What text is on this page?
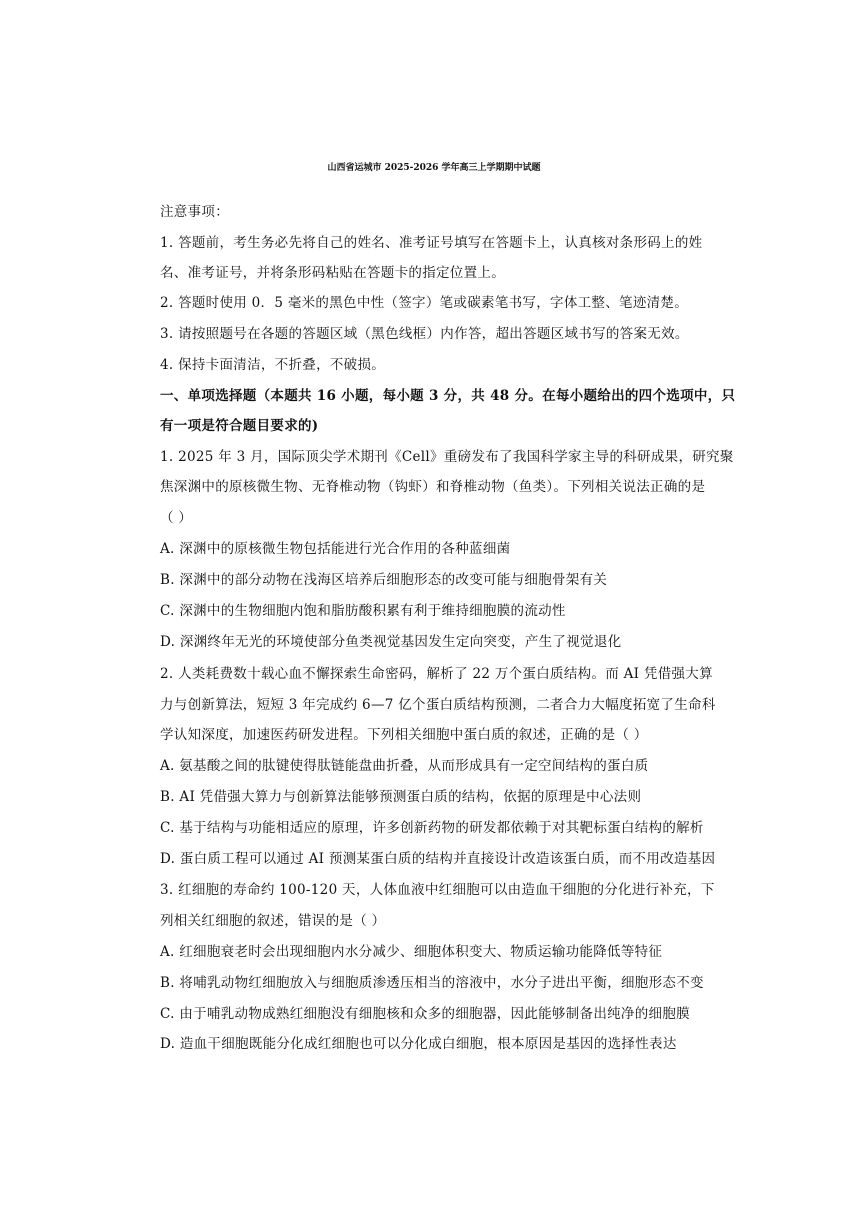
山西省运城市 2025-2026 学年高三上学期期中试题
注意事项：
1. 答题前，考生务必先将自己的姓名、准考证号填写在答题卡上，认真核对条形码上的姓
名、准考证号，并将条形码粘贴在答题卡的指定位置上。
2. 答题时使用 0．5 毫米的黑色中性（签字）笔或碳素笔书写，字体工整、笔迹清楚。
3. 请按照题号在各题的答题区域（黑色线框）内作答，超出答题区域书写的答案无效。
4. 保持卡面清洁，不折叠，不破损。
一、单项选择题（本题共 16 小题，每小题 3 分，共 48 分。在每小题给出的四个选项中，只
有一项是符合题目要求的)
1. 2025 年 3 月，国际顶尖学术期刊《Cell》重磅发布了我国科学家主导的科研成果，研究聚
焦深渊中的原核微生物、无脊椎动物（钩虾）和脊椎动物（鱼类）。下列相关说法正确的是
（ ）
A. 深渊中的原核微生物包括能进行光合作用的各种蓝细菌
B. 深渊中的部分动物在浅海区培养后细胞形态的改变可能与细胞骨架有关
C. 深渊中的生物细胞内饱和脂肪酸积累有利于维持细胞膜的流动性
D. 深渊终年无光的环境使部分鱼类视觉基因发生定向突变，产生了视觉退化
2. 人类耗费数十载心血不懈探索生命密码，解析了 22 万个蛋白质结构。而 AI 凭借强大算
力与创新算法，短短 3 年完成约 6—7 亿个蛋白质结构预测，二者合力大幅度拓宽了生命科
学认知深度，加速医药研发进程。下列相关细胞中蛋白质的叙述，正确的是（ ）
A. 氨基酸之间的肽键使得肽链能盘曲折叠，从而形成具有一定空间结构的蛋白质
B. AI 凭借强大算力与创新算法能够预测蛋白质的结构，依据的原理是中心法则
C. 基于结构与功能相适应的原理，许多创新药物的研发都依赖于对其靶标蛋白结构的解析
D. 蛋白质工程可以通过 AI 预测某蛋白质的结构并直接设计改造该蛋白质，而不用改造基因
3. 红细胞的寿命约 100-120 天，人体血液中红细胞可以由造血干细胞的分化进行补充，下
列相关红细胞的叙述，错误的是（ ）
A. 红细胞衰老时会出现细胞内水分减少、细胞体积变大、物质运输功能降低等特征
B. 将哺乳动物红细胞放入与细胞质渗透压相当的溶液中，水分子进出平衡，细胞形态不变
C. 由于哺乳动物成熟红细胞没有细胞核和众多的细胞器，因此能够制备出纯净的细胞膜
D. 造血干细胞既能分化成红细胞也可以分化成白细胞，根本原因是基因的选择性表达
